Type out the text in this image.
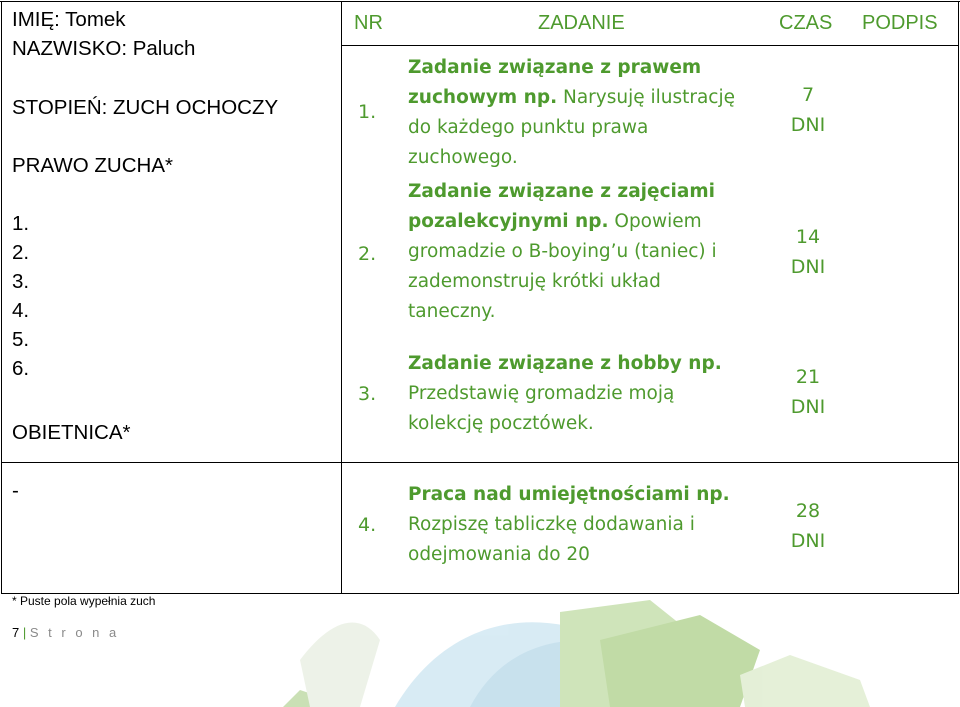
IMIĘ: Tomek
NAZWISKO: Paluch
STOPIEŃ: ZUCH OCHOCZY
PRAWO ZUCHA*
1.
2.
3.
4.
5.
6.
OBIETNICA*
-
NR	ZADANIE	CZAS PODPIS
1.
Zadanie związane z prawem
zuchowym np. Narysuję ilustrację
do każdego punktu prawa
zuchowego.
7
DNI
2.
Zadanie związane z zajęciami
pozalekcyjnymi np. Opowiem
gromadzie o B-boying’u (taniec) i
zademonstruję krótki układ
taneczny.
14
DNI
3.
Zadanie związane z hobby np.
Przedstawię gromadzie moją
kolekcję pocztówek.
21
DNI
4.
Praca nad umiejętnościami np.
Rozpiszę tabliczkę dodawania i
odejmowania do 20
28
DNI
* Puste pola wypełnia zuch
7 | S t r o n a
